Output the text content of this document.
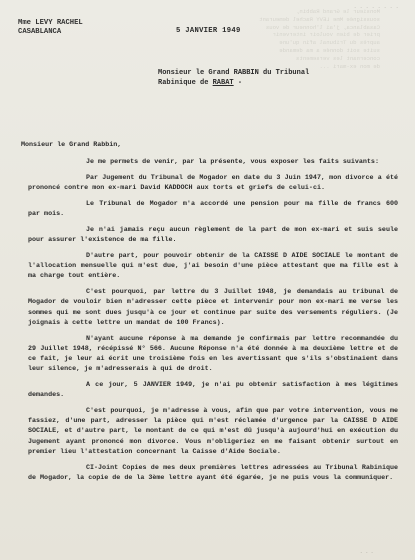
Monsieur le Grand Rabbin,
soussignée Mme LEVY Rachel demeurant
Casablanca, j'ai l'honneur de vous
prier de bien vouloir intervenir
auprès du Tribunal afin qu'une
suite soit donnée a ma demande
concernant les versements
de mon ex-mari ...
- - - - - - - -
Mme LEVY RACHEL
CASABLANCA	5 JANVIER 1949
Monsieur le Grand RABBIN du Tribunal
Rabinique de RABAT -

Monsieur le Grand Rabbin,

Je me permets de venir, par la présente, vous exposer les faits suivants:

Par Jugement du Tribunal de Mogador en date du 3 Juin 1947, mon divorce a été prononcé contre mon ex-mari David KADDOCH aux torts et griefs de celui-ci.

Le Tribunal de Mogador m'a accordé une pension pour ma fille de francs 600 par mois.

Je n'ai jamais reçu aucun règlement de la part de mon ex-mari et suis seule pour assurer l'existence de ma fille.

D'autre part, pour pouvoir obtenir de la CAISSE D AIDE SOCIALE le montant de l'allocation mensuelle qui m'est due, j'ai besoin d'une pièce attestant que ma fille est à ma charge tout entière.

C'est pourquoi, par lettre du 3 Juillet 1948, je demandais au tribunal de Mogador de vouloir bien m'adresser cette pièce et intervenir pour mon ex-mari me verse les sommes qui me sont dues jusqu'à ce jour et continue par suite des versements réguliers. (Je joignais à cette lettre un mandat de 100 Francs).

N'ayant aucune réponse à ma demande je confirmais par lettre recommandée du 29 Juillet 1948, récépissé N° 566. Aucune Réponse n'a été donnée à ma deuxième lettre et de ce fait, je leur ai écrit une troisième fois en les avertissant que s'ils s'obstinaient dans leur silence, je m'adresserais à qui de droit.

A ce jour, 5 JANVIER 1949, je n'ai pu obtenir satisfaction à mes légitimes demandes.

C'est pourquoi, je m'adresse à vous, afin que par votre intervention, vous me fassiez, d'une part, adresser la pièce qui m'est réclamée d'urgence par la CAISSE D AIDE SOCIALE, et d'autre part, le montant de ce qui m'est dû jusqu'à aujourd'hui en exécution du Jugement ayant prononcé mon divorce. Vous m'obligeriez en me faisant obtenir surtout en premier lieu l'attestation concernant la Caisse d'Aide Sociale.

CI-Joint Copies de mes deux premières lettres adressées au Tribunal Rabinique de Mogador, la copie de de la 3ème lettre ayant été égarée, je ne puis vous la communiquer.

- - -
